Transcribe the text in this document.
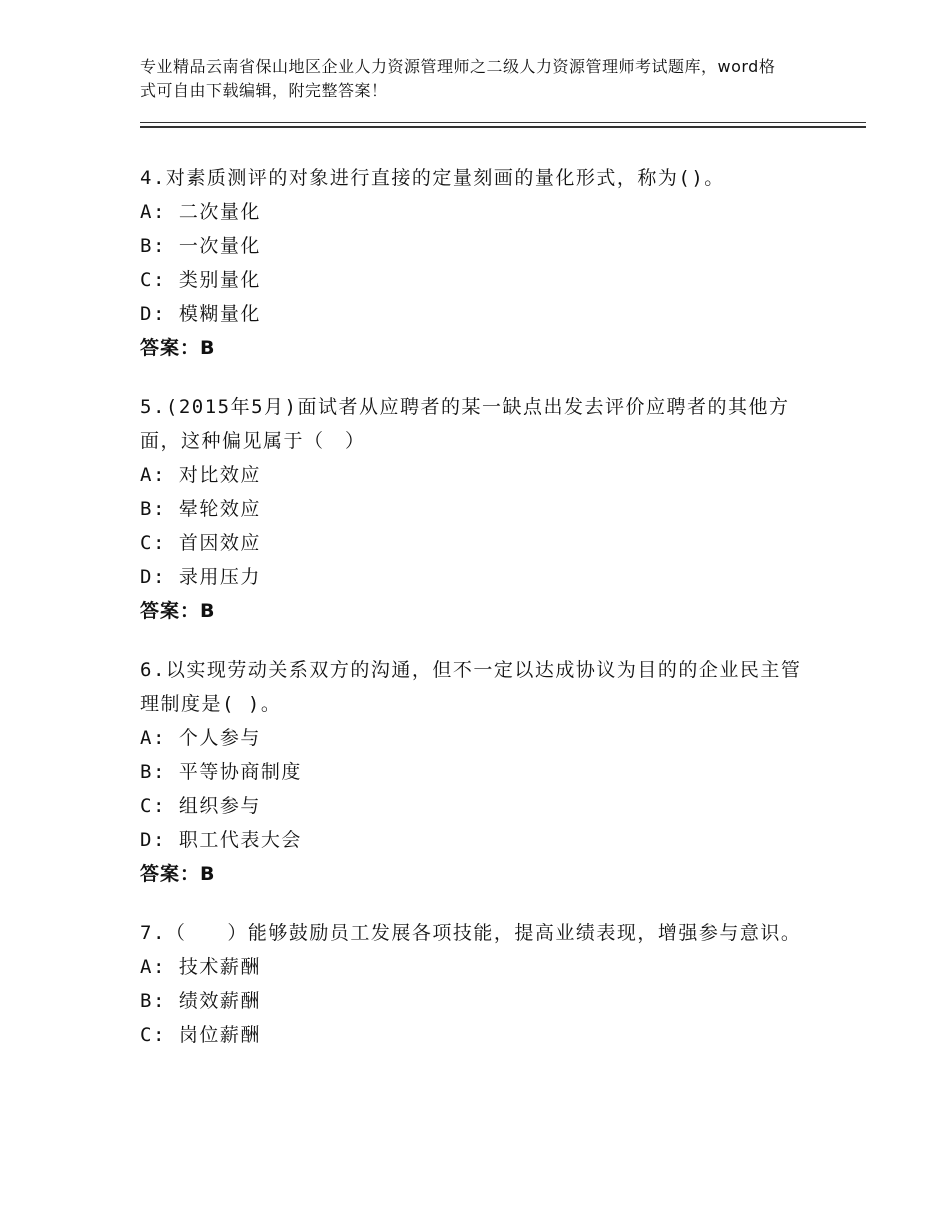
专业精品云南省保山地区企业人力资源管理师之二级人力资源管理师考试题库，word格式可自由下载编辑，附完整答案！

4.对素质测评的对象进行直接的定量刻画的量化形式，称为()。

A: 二次量化

B: 一次量化

C: 类别量化

D: 模糊量化

答案：B

5.(2015年5月)面试者从应聘者的某一缺点出发去评价应聘者的其他方面，这种偏见属于（　）

A: 对比效应

B: 晕轮效应

C: 首因效应

D: 录用压力

答案：B

6.以实现劳动关系双方的沟通，但不一定以达成协议为目的的企业民主管理制度是( )。

A: 个人参与

B: 平等协商制度

C: 组织参与

D: 职工代表大会

答案：B

7.（　　）能够鼓励员工发展各项技能，提高业绩表现，增强参与意识。

A: 技术薪酬

B: 绩效薪酬

C: 岗位薪酬
